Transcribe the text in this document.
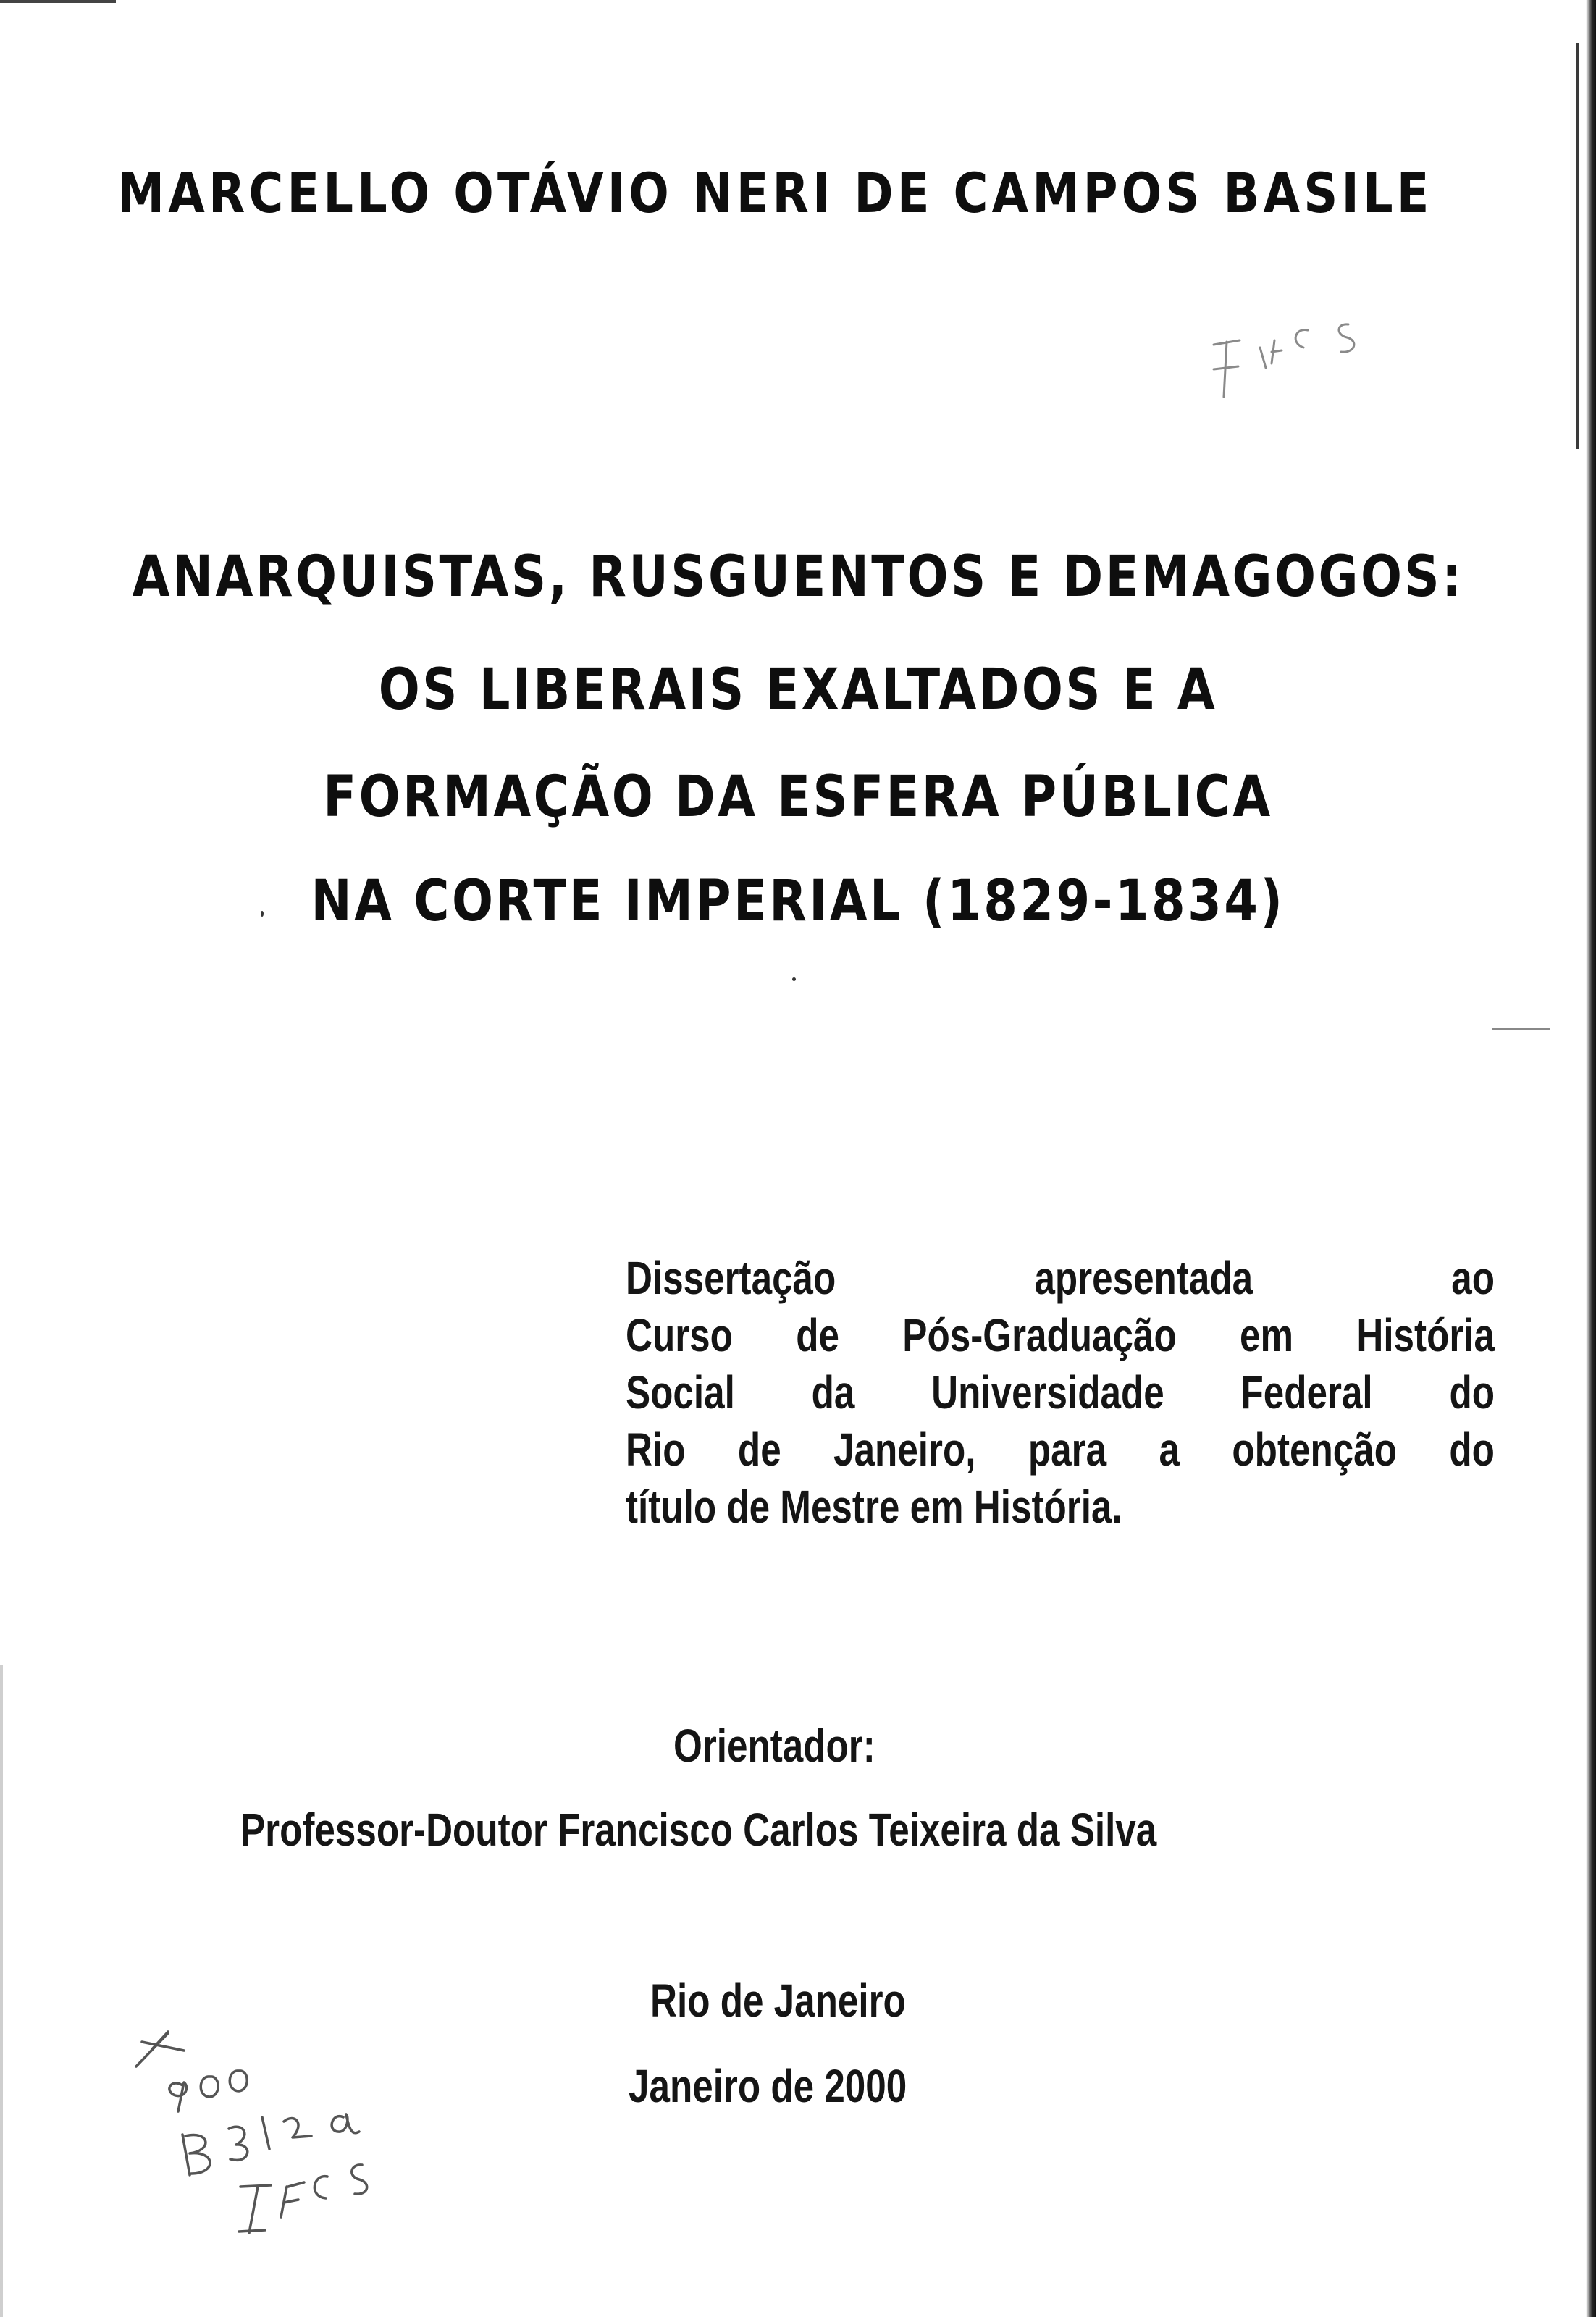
MARCELLO OTÁVIO NERI DE CAMPOS BASILE
ANARQUISTAS, RUSGUENTOS E DEMAGOGOS:
OS LIBERAIS EXALTADOS E A
FORMAÇÃO DA ESFERA PÚBLICA
NA CORTE IMPERIAL (1829-1834)
Dissertação	apresentada	ao
Curso de Pós-Graduação em História
Social da Universidade Federal do
Rio de Janeiro, para a obtenção do
título de Mestre em História.
Orientador:
Professor-Doutor Francisco Carlos Teixeira da Silva
Rio de Janeiro
Janeiro de 2000
